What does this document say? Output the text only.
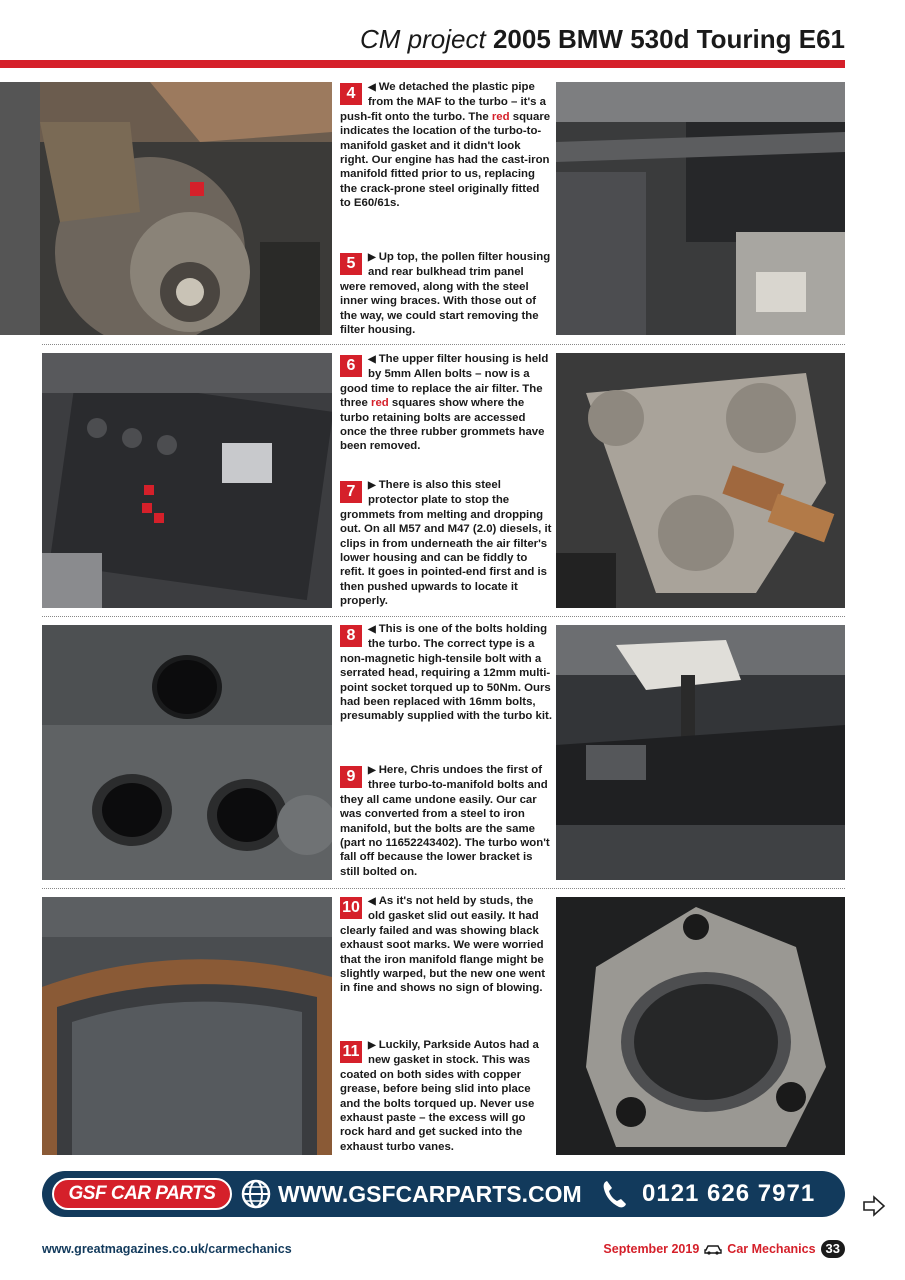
CM project 2005 BMW 530d Touring E61
4	◀ We detached the plastic pipe from the MAF to the turbo – it's a push-fit onto the turbo. The red square indicates the location of the turbo-to-manifold gasket and it didn't look right. Our engine has had the cast-iron manifold fitted prior to us, replacing the crack-prone steel originally fitted to E60/61s.
5	▶ Up top, the pollen filter housing and rear bulkhead trim panel were removed, along with the steel inner wing braces. With those out of the way, we could start removing the filter housing.
6	◀ The upper filter housing is held by 5mm Allen bolts – now is a good time to replace the air filter. The three red squares show where the turbo retaining bolts are accessed once the three rubber grommets have been removed.
7	▶ There is also this steel protector plate to stop the grommets from melting and dropping out. On all M57 and M47 (2.0) diesels, it clips in from underneath the air filter's lower housing and can be fiddly to refit. It goes in pointed-end first and is then pushed upwards to locate it properly.
8	◀ This is one of the bolts holding the turbo. The correct type is a non-magnetic high-tensile bolt with a serrated head, requiring a 12mm multi-point socket torqued up to 50Nm. Ours had been replaced with 16mm bolts, presumably supplied with the turbo kit.
9	▶ Here, Chris undoes the first of three turbo-to-manifold bolts and they all came undone easily. Our car was converted from a steel to iron manifold, but the bolts are the same (part no 11652243402). The turbo won't fall off because the lower bracket is still bolted on.
10 ◀ As it's not held by studs, the old gasket slid out easily. It had clearly failed and was showing black exhaust soot marks. We were worried that the iron manifold flange might be slightly warped, but the new one went in fine and shows no sign of blowing.
11 ▶ Luckily, Parkside Autos had a new gasket in stock. This was coated on both sides with copper grease, before being slid into place and the bolts torqued up. Never use exhaust paste – the excess will go rock hard and get sucked into the exhaust turbo vanes.
GSF CAR PARTS	WWW.GSFCARPARTS.COM	0121 626 7971
www.greatmagazines.co.uk/carmechanics	September 2019 Car Mechanics 33
